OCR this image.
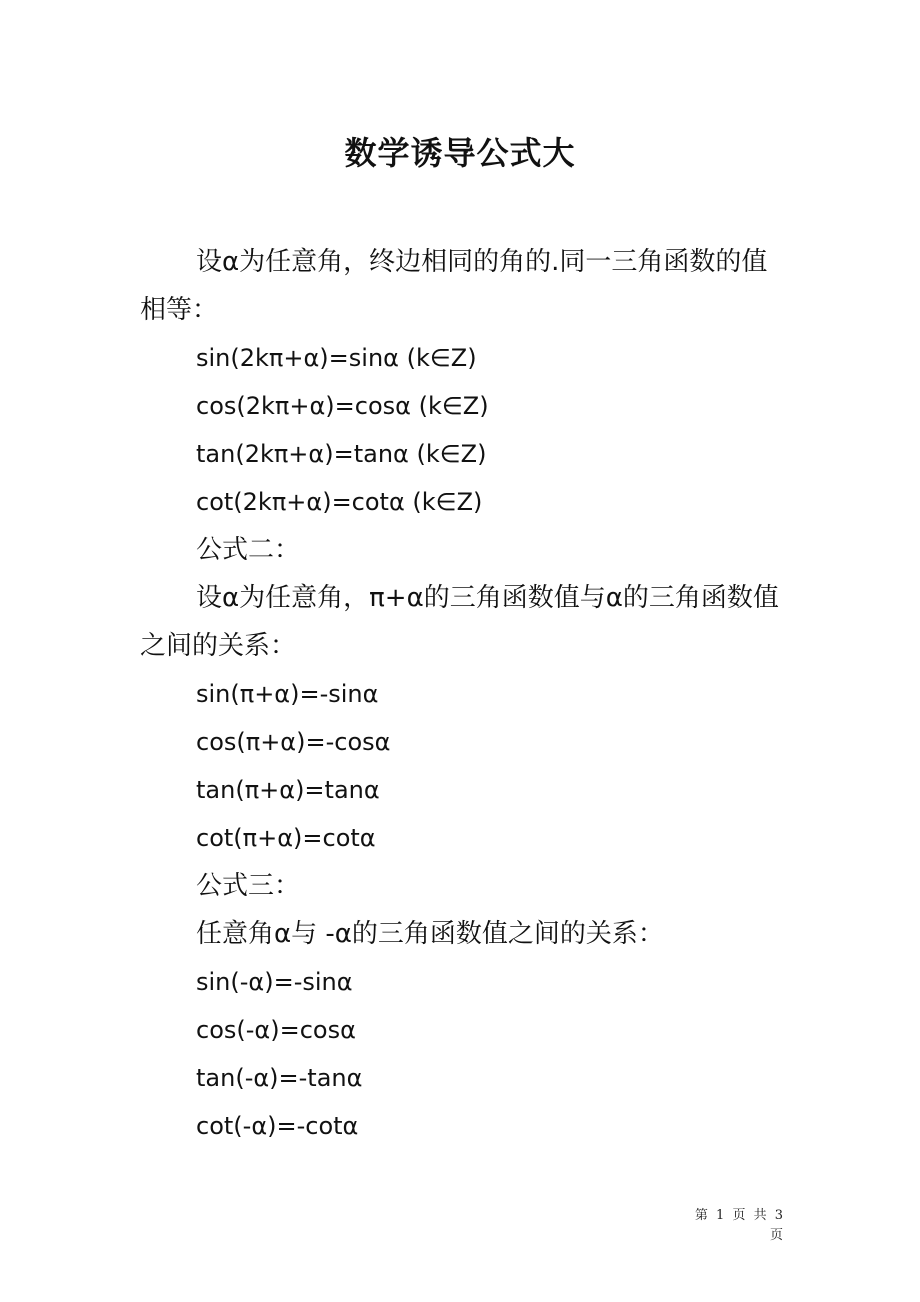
数学诱导公式大

设α为任意角，终边相同的角的.同一三角函数的值相等：

sin(2kπ+α)=sinα (k∈Z)
cos(2kπ+α)=cosα (k∈Z)
tan(2kπ+α)=tanα (k∈Z)
cot(2kπ+α)=cotα (k∈Z)
公式二：

设α为任意角，π+α的三角函数值与α的三角函数值之间的关系：

sin(π+α)=-sinα
cos(π+α)=-cosα
tan(π+α)=tanα
cot(π+α)=cotα
公式三：
任意角α与 -α的三角函数值之间的关系：
sin(-α)=-sinα
cos(-α)=cosα
tan(-α)=-tanα
cot(-α)=-cotα
第 1 页 共 3 页
